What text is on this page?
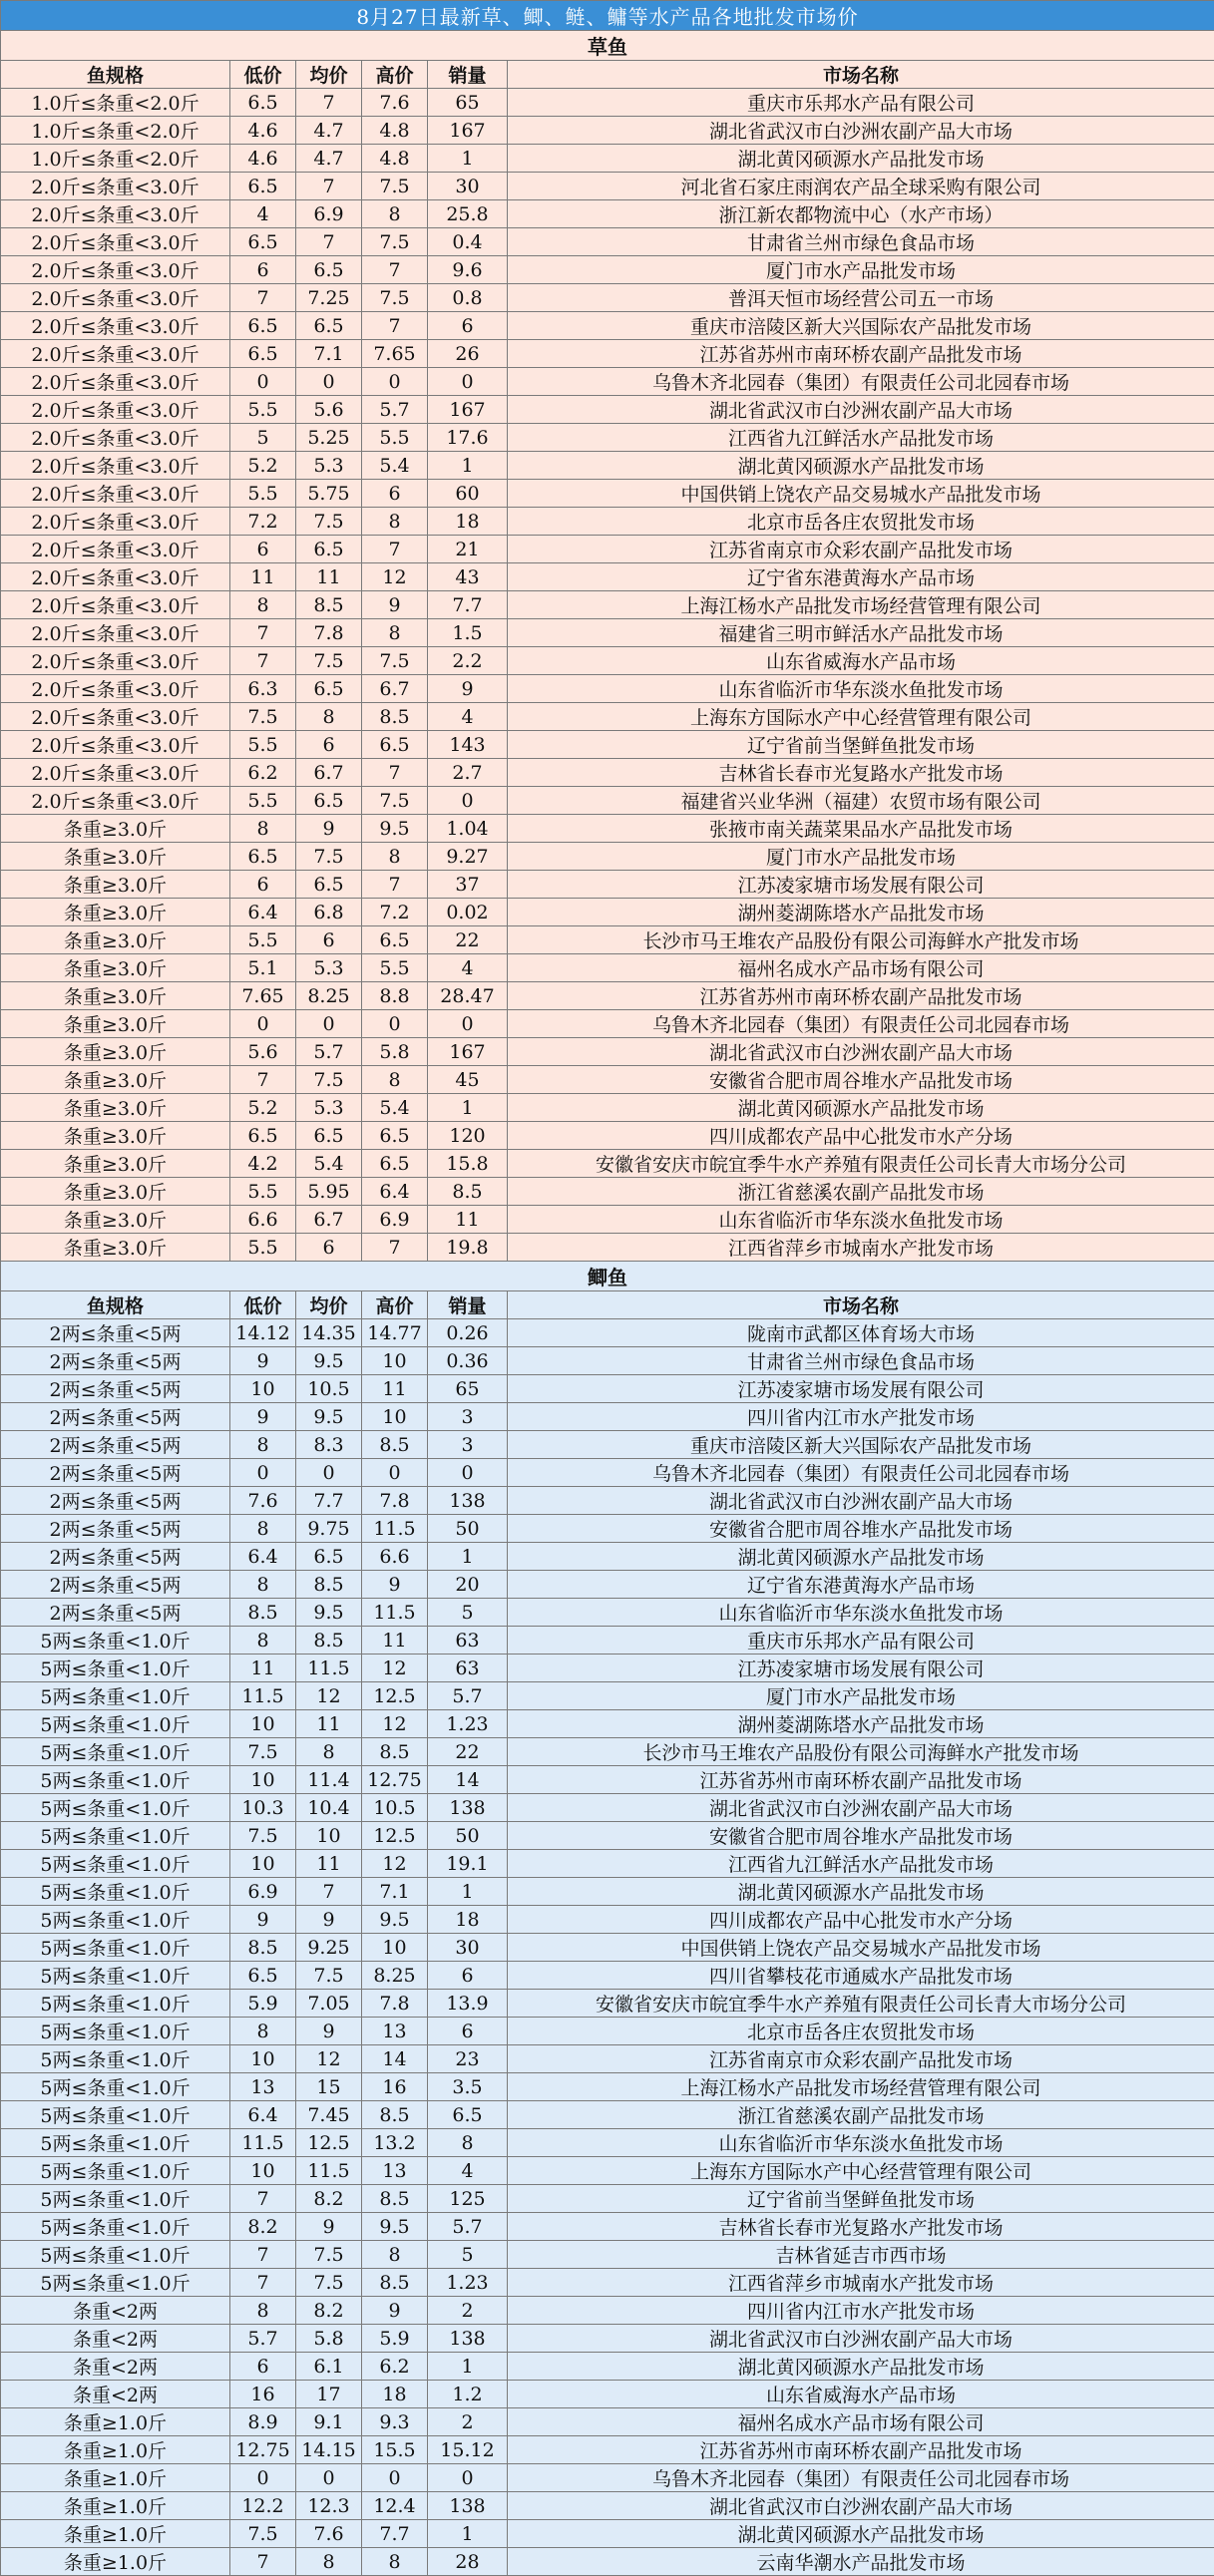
8月27日最新草、鲫、鲢、鳙等水产品各地批发市场价					
草鱼					
鱼规格	低价	均价	高价	销量	市场名称
1.0斤≤条重<2.0斤	6.5	7	7.6	65	重庆市乐邦水产品有限公司
1.0斤≤条重<2.0斤	4.6	4.7	4.8	167	湖北省武汉市白沙洲农副产品大市场
1.0斤≤条重<2.0斤	4.6	4.7	4.8	1	湖北黄冈硕源水产品批发市场
2.0斤≤条重<3.0斤	6.5	7	7.5	30	河北省石家庄雨润农产品全球采购有限公司
2.0斤≤条重<3.0斤	4	6.9	8	25.8	浙江新农都物流中心（水产市场）
2.0斤≤条重<3.0斤	6.5	7	7.5	0.4	甘肃省兰州市绿色食品市场
2.0斤≤条重<3.0斤	6	6.5	7	9.6	厦门市水产品批发市场
2.0斤≤条重<3.0斤	7	7.25	7.5	0.8	普洱天恒市场经营公司五一市场
2.0斤≤条重<3.0斤	6.5	6.5	7	6	重庆市涪陵区新大兴国际农产品批发市场
2.0斤≤条重<3.0斤	6.5	7.1	7.65	26	江苏省苏州市南环桥农副产品批发市场
2.0斤≤条重<3.0斤	0	0	0	0	乌鲁木齐北园春（集团）有限责任公司北园春市场
2.0斤≤条重<3.0斤	5.5	5.6	5.7	167	湖北省武汉市白沙洲农副产品大市场
2.0斤≤条重<3.0斤	5	5.25	5.5	17.6	江西省九江鲜活水产品批发市场
2.0斤≤条重<3.0斤	5.2	5.3	5.4	1	湖北黄冈硕源水产品批发市场
2.0斤≤条重<3.0斤	5.5	5.75	6	60	中国供销上饶农产品交易城水产品批发市场
2.0斤≤条重<3.0斤	7.2	7.5	8	18	北京市岳各庄农贸批发市场
2.0斤≤条重<3.0斤	6	6.5	7	21	江苏省南京市众彩农副产品批发市场
2.0斤≤条重<3.0斤	11	11	12	43	辽宁省东港黄海水产品市场
2.0斤≤条重<3.0斤	8	8.5	9	7.7	上海江杨水产品批发市场经营管理有限公司
2.0斤≤条重<3.0斤	7	7.8	8	1.5	福建省三明市鲜活水产品批发市场
2.0斤≤条重<3.0斤	7	7.5	7.5	2.2	山东省威海水产品市场
2.0斤≤条重<3.0斤	6.3	6.5	6.7	9	山东省临沂市华东淡水鱼批发市场
2.0斤≤条重<3.0斤	7.5	8	8.5	4	上海东方国际水产中心经营管理有限公司
2.0斤≤条重<3.0斤	5.5	6	6.5	143	辽宁省前当堡鲜鱼批发市场
2.0斤≤条重<3.0斤	6.2	6.7	7	2.7	吉林省长春市光复路水产批发市场
2.0斤≤条重<3.0斤	5.5	6.5	7.5	0	福建省兴业华洲（福建）农贸市场有限公司
条重≥3.0斤	8	9	9.5	1.04	张掖市南关蔬菜果品水产品批发市场
条重≥3.0斤	6.5	7.5	8	9.27	厦门市水产品批发市场
条重≥3.0斤	6	6.5	7	37	江苏凌家塘市场发展有限公司
条重≥3.0斤	6.4	6.8	7.2	0.02	湖州菱湖陈塔水产品批发市场
条重≥3.0斤	5.5	6	6.5	22	长沙市马王堆农产品股份有限公司海鲜水产批发市场
条重≥3.0斤	5.1	5.3	5.5	4	福州名成水产品市场有限公司
条重≥3.0斤	7.65	8.25	8.8	28.47	江苏省苏州市南环桥农副产品批发市场
条重≥3.0斤	0	0	0	0	乌鲁木齐北园春（集团）有限责任公司北园春市场
条重≥3.0斤	5.6	5.7	5.8	167	湖北省武汉市白沙洲农副产品大市场
条重≥3.0斤	7	7.5	8	45	安徽省合肥市周谷堆水产品批发市场
条重≥3.0斤	5.2	5.3	5.4	1	湖北黄冈硕源水产品批发市场
条重≥3.0斤	6.5	6.5	6.5	120	四川成都农产品中心批发市水产分场
条重≥3.0斤	4.2	5.4	6.5	15.8	安徽省安庆市皖宜季牛水产养殖有限责任公司长青大市场分公司
条重≥3.0斤	5.5	5.95	6.4	8.5	浙江省慈溪农副产品批发市场
条重≥3.0斤	6.6	6.7	6.9	11	山东省临沂市华东淡水鱼批发市场
条重≥3.0斤	5.5	6	7	19.8	江西省萍乡市城南水产批发市场
鲫鱼					
鱼规格	低价	均价	高价	销量	市场名称
2两≤条重<5两	14.12	14.35	14.77	0.26	陇南市武都区体育场大市场
2两≤条重<5两	9	9.5	10	0.36	甘肃省兰州市绿色食品市场
2两≤条重<5两	10	10.5	11	65	江苏凌家塘市场发展有限公司
2两≤条重<5两	9	9.5	10	3	四川省内江市水产批发市场
2两≤条重<5两	8	8.3	8.5	3	重庆市涪陵区新大兴国际农产品批发市场
2两≤条重<5两	0	0	0	0	乌鲁木齐北园春（集团）有限责任公司北园春市场
2两≤条重<5两	7.6	7.7	7.8	138	湖北省武汉市白沙洲农副产品大市场
2两≤条重<5两	8	9.75	11.5	50	安徽省合肥市周谷堆水产品批发市场
2两≤条重<5两	6.4	6.5	6.6	1	湖北黄冈硕源水产品批发市场
2两≤条重<5两	8	8.5	9	20	辽宁省东港黄海水产品市场
2两≤条重<5两	8.5	9.5	11.5	5	山东省临沂市华东淡水鱼批发市场
5两≤条重<1.0斤	8	8.5	11	63	重庆市乐邦水产品有限公司
5两≤条重<1.0斤	11	11.5	12	63	江苏凌家塘市场发展有限公司
5两≤条重<1.0斤	11.5	12	12.5	5.7	厦门市水产品批发市场
5两≤条重<1.0斤	10	11	12	1.23	湖州菱湖陈塔水产品批发市场
5两≤条重<1.0斤	7.5	8	8.5	22	长沙市马王堆农产品股份有限公司海鲜水产批发市场
5两≤条重<1.0斤	10	11.4	12.75	14	江苏省苏州市南环桥农副产品批发市场
5两≤条重<1.0斤	10.3	10.4	10.5	138	湖北省武汉市白沙洲农副产品大市场
5两≤条重<1.0斤	7.5	10	12.5	50	安徽省合肥市周谷堆水产品批发市场
5两≤条重<1.0斤	10	11	12	19.1	江西省九江鲜活水产品批发市场
5两≤条重<1.0斤	6.9	7	7.1	1	湖北黄冈硕源水产品批发市场
5两≤条重<1.0斤	9	9	9.5	18	四川成都农产品中心批发市水产分场
5两≤条重<1.0斤	8.5	9.25	10	30	中国供销上饶农产品交易城水产品批发市场
5两≤条重<1.0斤	6.5	7.5	8.25	6	四川省攀枝花市通威水产品批发市场
5两≤条重<1.0斤	5.9	7.05	7.8	13.9	安徽省安庆市皖宜季牛水产养殖有限责任公司长青大市场分公司
5两≤条重<1.0斤	8	9	13	6	北京市岳各庄农贸批发市场
5两≤条重<1.0斤	10	12	14	23	江苏省南京市众彩农副产品批发市场
5两≤条重<1.0斤	13	15	16	3.5	上海江杨水产品批发市场经营管理有限公司
5两≤条重<1.0斤	6.4	7.45	8.5	6.5	浙江省慈溪农副产品批发市场
5两≤条重<1.0斤	11.5	12.5	13.2	8	山东省临沂市华东淡水鱼批发市场
5两≤条重<1.0斤	10	11.5	13	4	上海东方国际水产中心经营管理有限公司
5两≤条重<1.0斤	7	8.2	8.5	125	辽宁省前当堡鲜鱼批发市场
5两≤条重<1.0斤	8.2	9	9.5	5.7	吉林省长春市光复路水产批发市场
5两≤条重<1.0斤	7	7.5	8	5	吉林省延吉市西市场
5两≤条重<1.0斤	7	7.5	8.5	1.23	江西省萍乡市城南水产批发市场
条重<2两	8	8.2	9	2	四川省内江市水产批发市场
条重<2两	5.7	5.8	5.9	138	湖北省武汉市白沙洲农副产品大市场
条重<2两	6	6.1	6.2	1	湖北黄冈硕源水产品批发市场
条重<2两	16	17	18	1.2	山东省威海水产品市场
条重≥1.0斤	8.9	9.1	9.3	2	福州名成水产品市场有限公司
条重≥1.0斤	12.75	14.15	15.5	15.12	江苏省苏州市南环桥农副产品批发市场
条重≥1.0斤	0	0	0	0	乌鲁木齐北园春（集团）有限责任公司北园春市场
条重≥1.0斤	12.2	12.3	12.4	138	湖北省武汉市白沙洲农副产品大市场
条重≥1.0斤	7.5	7.6	7.7	1	湖北黄冈硕源水产品批发市场
条重≥1.0斤	7	8	8	28	云南华潮水产品批发市场
